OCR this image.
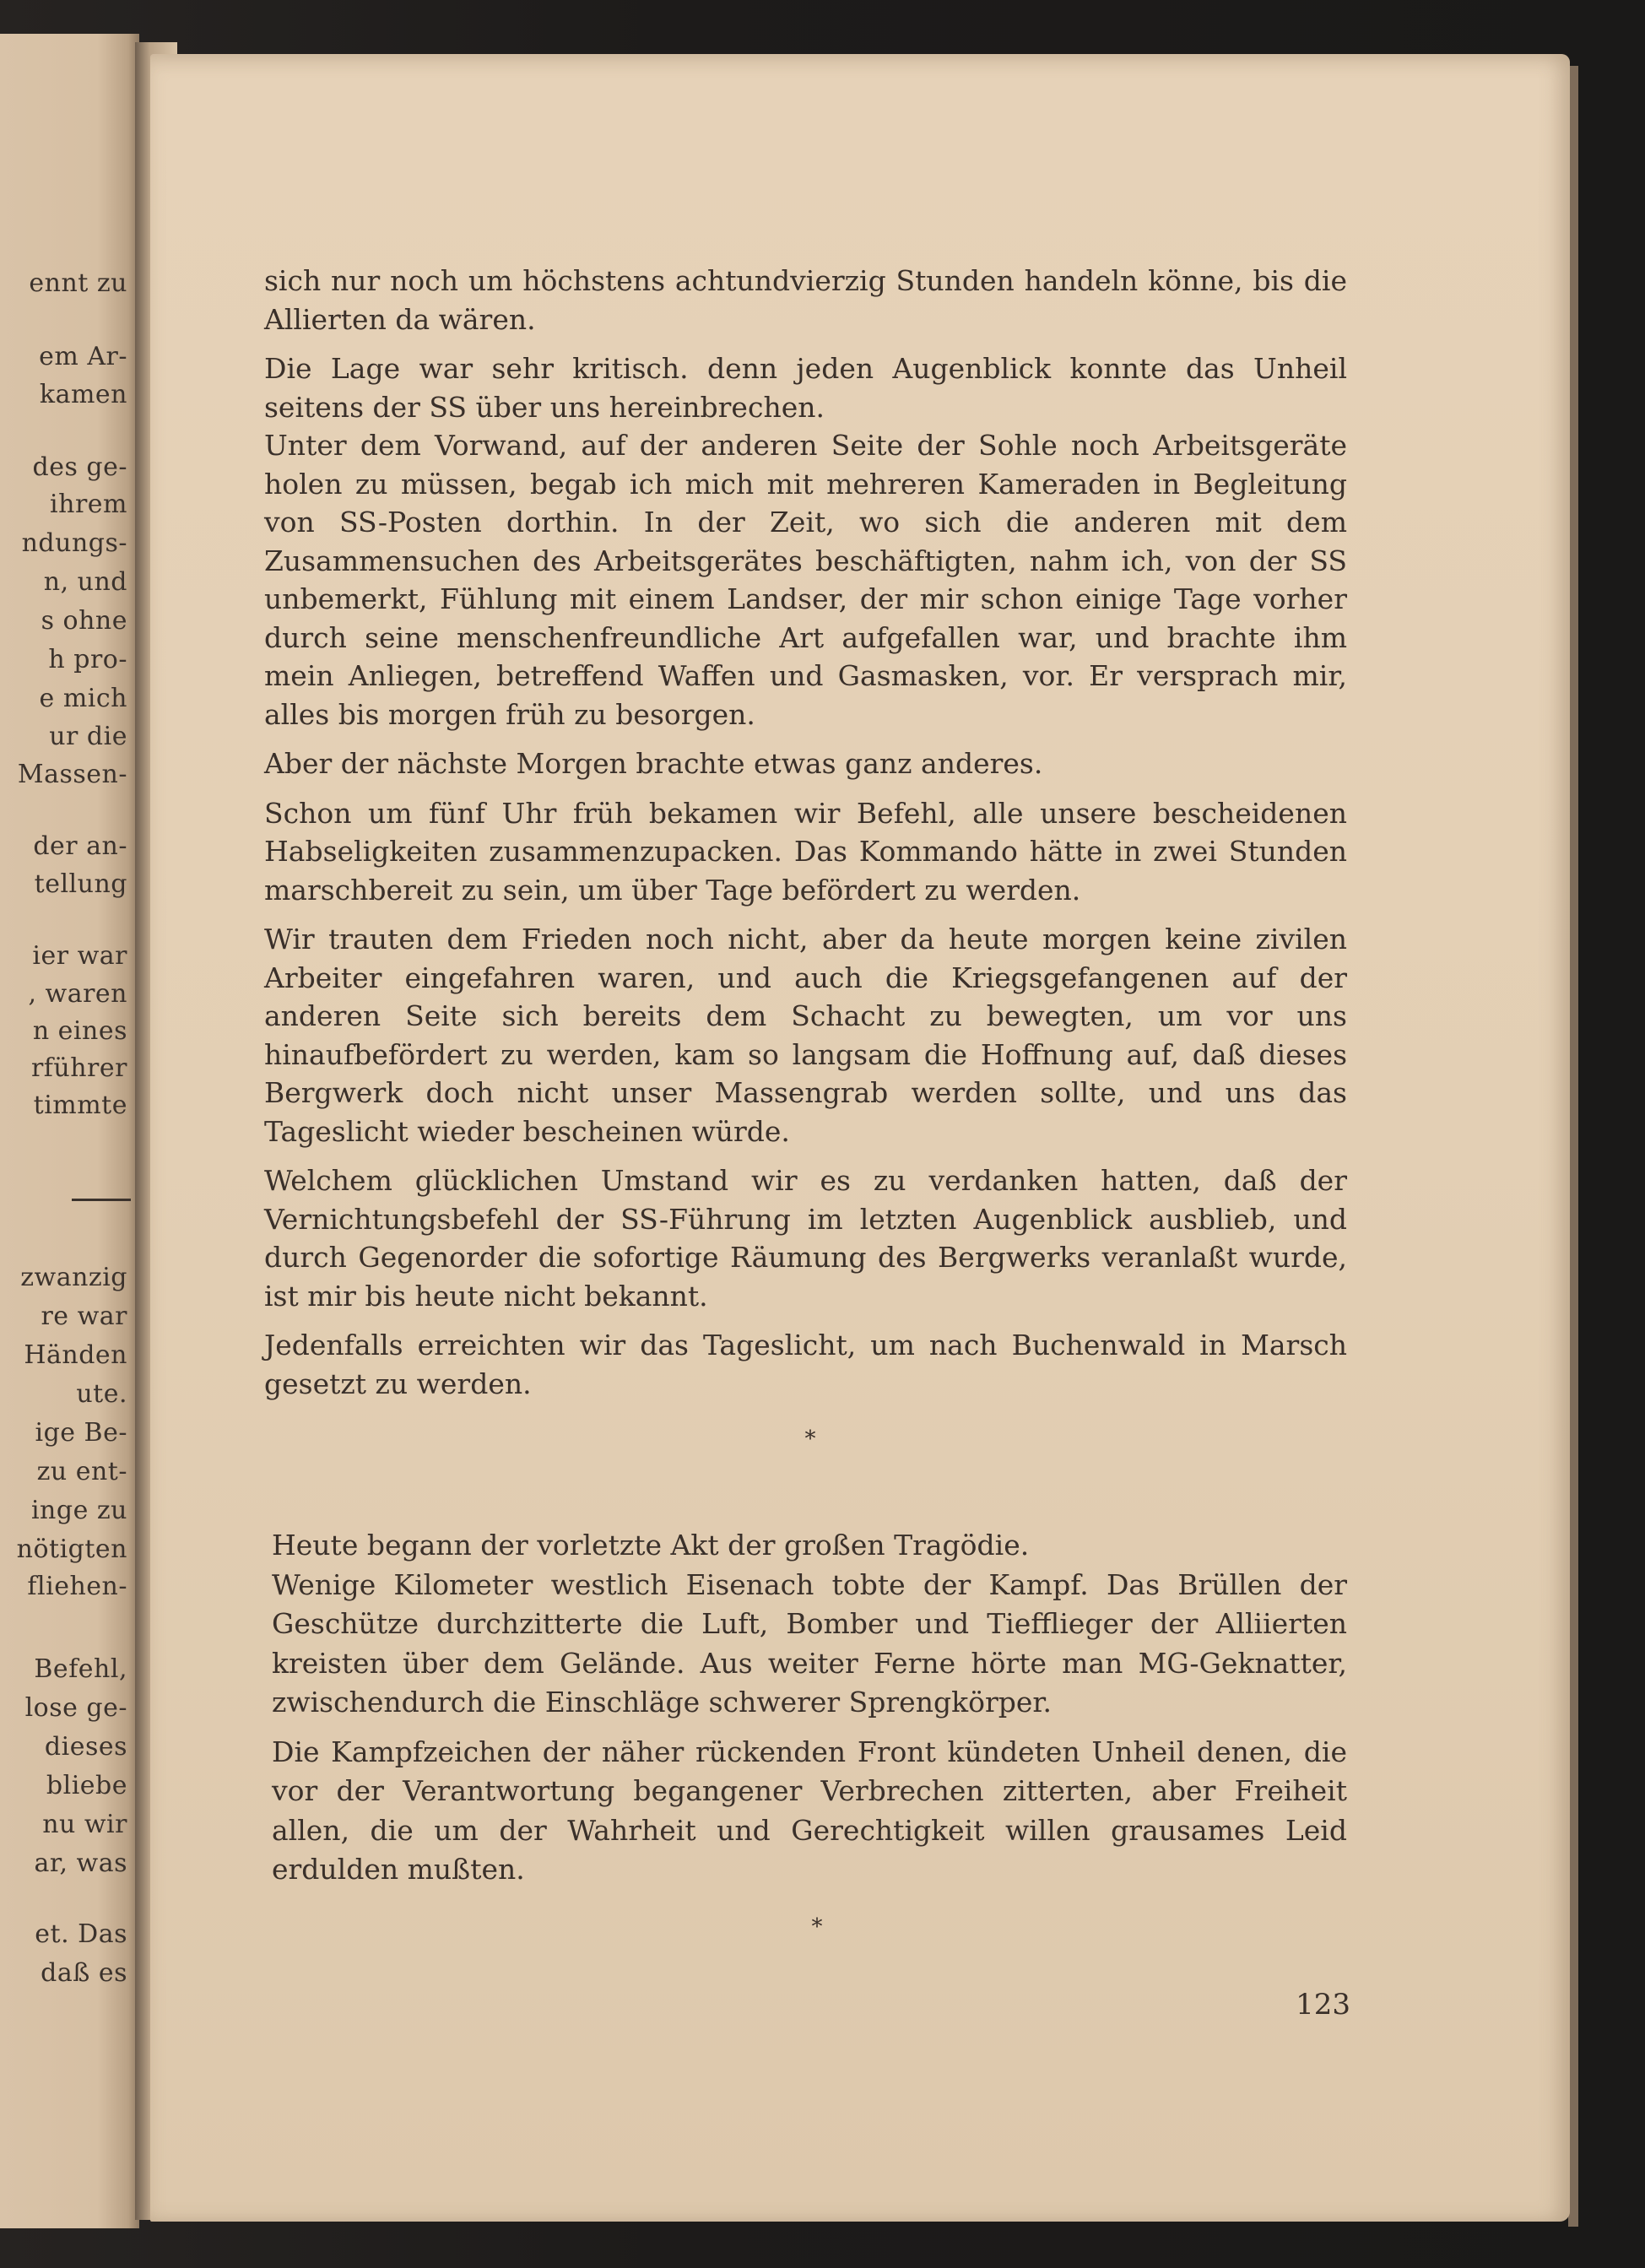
ennt zu
em Ar-
kamen
des ge-
ihrem
ndungs-
n, und
s ohne
h pro-
e mich
ur die
Massen-
der an-
tellung
ier war
, waren
n eines
rführer
timmte
zwanzig
re war
Händen
ute.
ige Be-
zu ent-
inge zu
nötigten
fliehen-
Befehl,
lose ge-
dieses
bliebe
nu wir
ar, was
et. Das
daß es

sich nur noch um höchstens achtundvierzig Stunden handeln könne, bis die Allierten da wären.

Die Lage war sehr kritisch. denn jeden Augenblick konnte das Unheil seitens der SS über uns hereinbrechen.

Unter dem Vorwand, auf der anderen Seite der Sohle noch Arbeitsgeräte holen zu müssen, begab ich mich mit mehreren Kameraden in Begleitung von SS-Posten dorthin. In der Zeit, wo sich die anderen mit dem Zusammensuchen des Arbeitsgerätes beschäftigten, nahm ich, von der SS unbemerkt, Fühlung mit einem Landser, der mir schon einige Tage vorher durch seine menschenfreundliche Art aufgefallen war, und brachte ihm mein Anliegen, betreffend Waffen und Gasmasken, vor. Er versprach mir, alles bis morgen früh zu besorgen.

Aber der nächste Morgen brachte etwas ganz anderes.

Schon um fünf Uhr früh bekamen wir Befehl, alle unsere bescheidenen Habseligkeiten zusammenzupacken. Das Kommando hätte in zwei Stunden marschbereit zu sein, um über Tage befördert zu werden.

Wir trauten dem Frieden noch nicht, aber da heute morgen keine zivilen Arbeiter eingefahren waren, und auch die Kriegsgefangenen auf der anderen Seite sich bereits dem Schacht zu bewegten, um vor uns hinaufbefördert zu werden, kam so langsam die Hoffnung auf, daß dieses Bergwerk doch nicht unser Massengrab werden sollte, und uns das Tageslicht wieder bescheinen würde.

Welchem glücklichen Umstand wir es zu verdanken hatten, daß der Vernichtungsbefehl der SS-Führung im letzten Augenblick ausblieb, und durch Gegenorder die sofortige Räumung des Bergwerks veranlaßt wurde, ist mir bis heute nicht bekannt.

Jedenfalls erreichten wir das Tageslicht, um nach Buchenwald in Marsch gesetzt zu werden.

*

Heute begann der vorletzte Akt der großen Tragödie.

Wenige Kilometer westlich Eisenach tobte der Kampf. Das Brüllen der Geschütze durchzitterte die Luft, Bomber und Tiefflieger der Alliierten kreisten über dem Gelände. Aus weiter Ferne hörte man MG-Geknatter, zwischendurch die Einschläge schwerer Sprengkörper.

Die Kampfzeichen der näher rückenden Front kündeten Unheil denen, die vor der Verantwortung begangener Verbrechen zitterten, aber Freiheit allen, die um der Wahrheit und Gerechtigkeit willen grausames Leid erdulden mußten.

*
123
